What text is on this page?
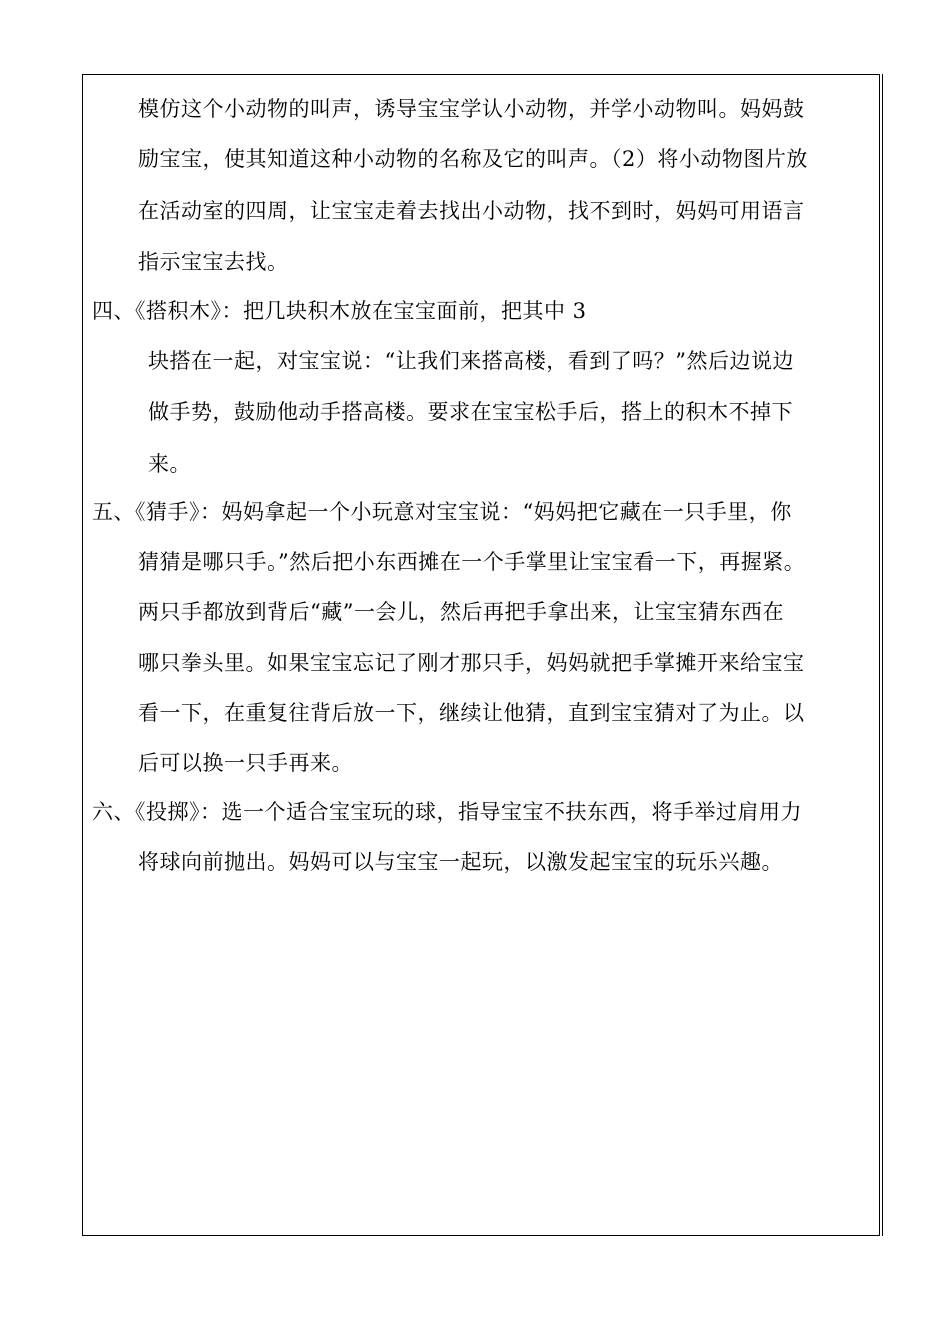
模仿这个小动物的叫声，诱导宝宝学认小动物，并学小动物叫。妈妈鼓
励宝宝，使其知道这种小动物的名称及它的叫声。（2）将小动物图片放
在活动室的四周，让宝宝走着去找出小动物，找不到时，妈妈可用语言
指示宝宝去找。
四、《搭积木》：把几块积木放在宝宝面前，把其中 3
块搭在一起，对宝宝说：“让我们来搭高楼，看到了吗？”然后边说边
做手势，鼓励他动手搭高楼。要求在宝宝松手后，搭上的积木不掉下
来。
五、《猜手》：妈妈拿起一个小玩意对宝宝说：“妈妈把它藏在一只手里，你
猜猜是哪只手。”然后把小东西摊在一个手掌里让宝宝看一下，再握紧。
两只手都放到背后“藏”一会儿，然后再把手拿出来，让宝宝猜东西在
哪只拳头里。如果宝宝忘记了刚才那只手，妈妈就把手掌摊开来给宝宝
看一下，在重复往背后放一下，继续让他猜，直到宝宝猜对了为止。以
后可以换一只手再来。
六、《投掷》：选一个适合宝宝玩的球，指导宝宝不扶东西，将手举过肩用力
将球向前抛出。妈妈可以与宝宝一起玩，以激发起宝宝的玩乐兴趣。
